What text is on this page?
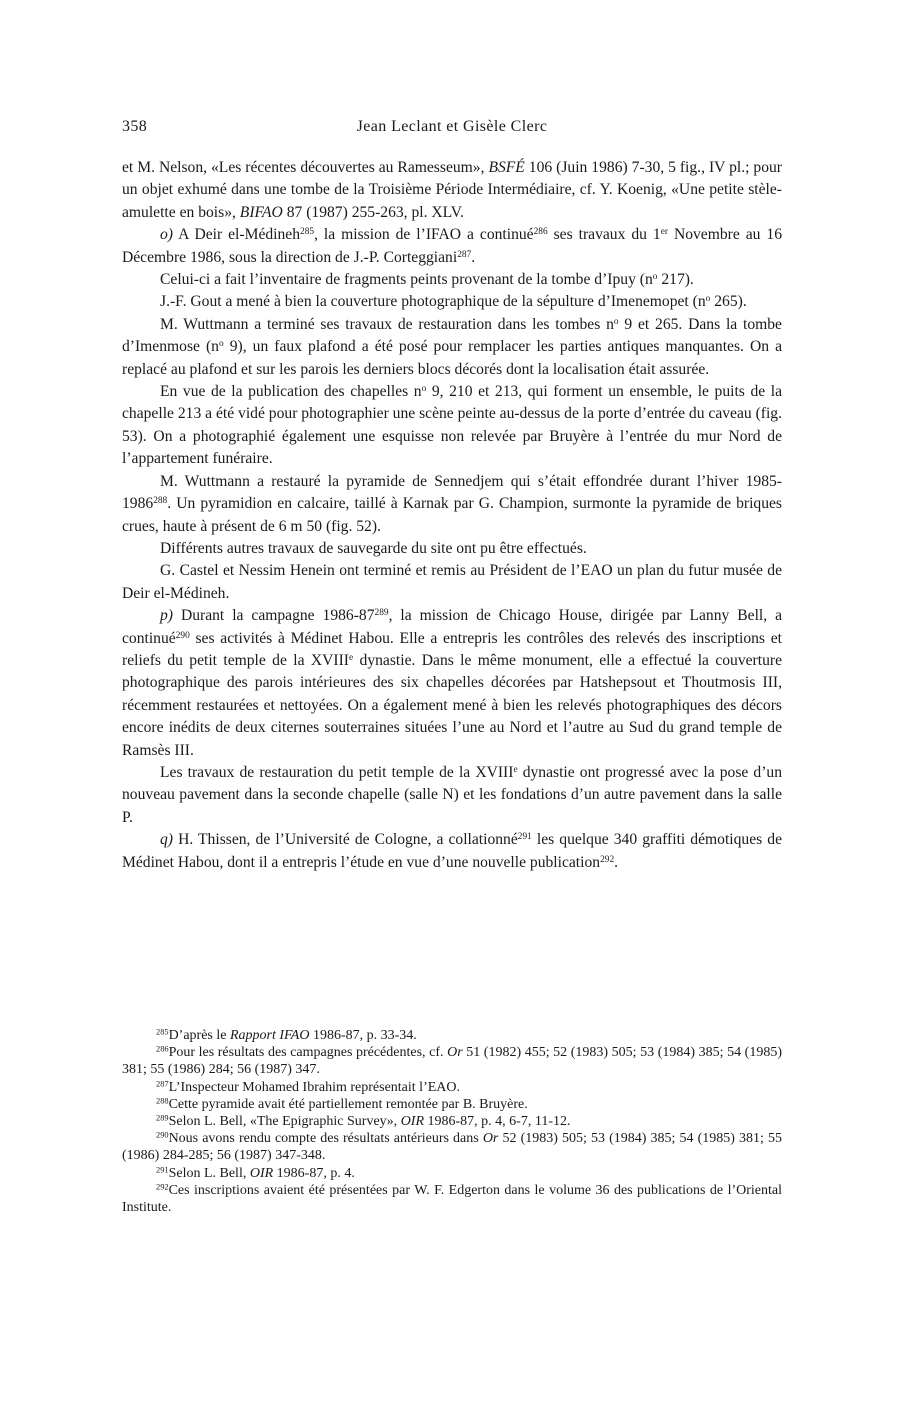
358	Jean Leclant et Gisèle Clerc

et M. Nelson, «Les récentes découvertes au Ramesseum», BSFÉ 106 (Juin 1986) 7-30, 5 fig., IV pl.; pour un objet exhumé dans une tombe de la Troisième Période Intermédiaire, cf. Y. Koenig, «Une petite stèle-amulette en bois», BIFAO 87 (1987) 255-263, pl. XLV.

o) A Deir el-Médineh$^{285}$, la mission de l’IFAO a continué$^{286}$ ses travaux du 1er Novembre au 16 Décembre 1986, sous la direction de J.-P. Corteggiani$^{287}$.

Celui-ci a fait l’inventaire de fragments peints provenant de la tombe d’Ipuy ($n^o$ 217).

J.-F. Gout a mené à bien la couverture photographique de la sépulture d’Imenemopet ($n^o$ 265).

M. Wuttmann a terminé ses travaux de restauration dans les tombes $n^o$ 9 et 265. Dans la tombe d’Imenmose ($n^o$ 9), un faux plafond a été posé pour remplacer les parties antiques manquantes. On a replacé au plafond et sur les parois les derniers blocs décorés dont la localisation était assurée.

En vue de la publication des chapelles $n^o$ 9, 210 et 213, qui forment un ensemble, le puits de la chapelle 213 a été vidé pour photographier une scène peinte au-dessus de la porte d’entrée du caveau (fig. 53). On a photographié également une esquisse non relevée par Bruyère à l’entrée du mur Nord de l’appartement funéraire.

M. Wuttmann a restauré la pyramide de Sennedjem qui s’était effondrée durant l’hiver 1985-1986$^{288}$. Un pyramidion en calcaire, taillé à Karnak par G. Champion, surmonte la pyramide de briques crues, haute à présent de 6 m 50 (fig. 52).

Différents autres travaux de sauvegarde du site ont pu être effectués.

G. Castel et Nessim Henein ont terminé et remis au Président de l’EAO un plan du futur musée de Deir el-Médineh.

p) Durant la campagne $1986-87^{289}$, la mission de Chicago House, dirigée par Lanny Bell, a continué$^{290}$ ses activités à Médinet Habou. Elle a entrepris les contrôles des relevés des inscriptions et reliefs du petit temple de la XVIIIe dynastie. Dans le même monument, elle a effectué la couverture photographique des parois intérieures des six chapelles décorées par Hatshepsout et Thoutmosis III, récemment restaurées et nettoyées. On a également mené à bien les relevés photographiques des décors encore inédits de deux citernes souterraines situées l’une au Nord et l’autre au Sud du grand temple de Ramsès III.

Les travaux de restauration du petit temple de la XVIIIe dynastie ont progressé avec la pose d’un nouveau pavement dans la seconde chapelle (salle N) et les fondations d’un autre pavement dans la salle P.

q) H. Thissen, de l’Université de Cologne, a collationné$^{291}$ les quelque 340 graffiti démotiques de Médinet Habou, dont il a entrepris l’étude en vue d’une nouvelle publication$^{292}$.

$^{285}$D’après le Rapport IFAO 1986-87, p. 33-34.

$^{286}$Pour les résultats des campagnes précédentes, cf. Or 51 (1982) 455; 52 (1983) 505; 53 (1984) 385; 54 (1985) 381; 55 (1986) 284; 56 (1987) 347.

$^{287}$L’Inspecteur Mohamed Ibrahim représentait l’EAO.

$^{288}$Cette pyramide avait été partiellement remontée par B. Bruyère.

$^{289}$Selon L. Bell, «The Epigraphic Survey», OIR 1986-87, p. 4, 6-7, 11-12.

$^{290}$Nous avons rendu compte des résultats antérieurs dans Or 52 (1983) 505; 53 (1984) 385; 54 (1985) 381; 55 (1986) 284-285; 56 (1987) 347-348.

$^{291}$Selon L. Bell, OIR 1986-87, p. 4.

$^{292}$Ces inscriptions avaient été présentées par W. F. Edgerton dans le volume 36 des publications de l’Oriental Institute.
